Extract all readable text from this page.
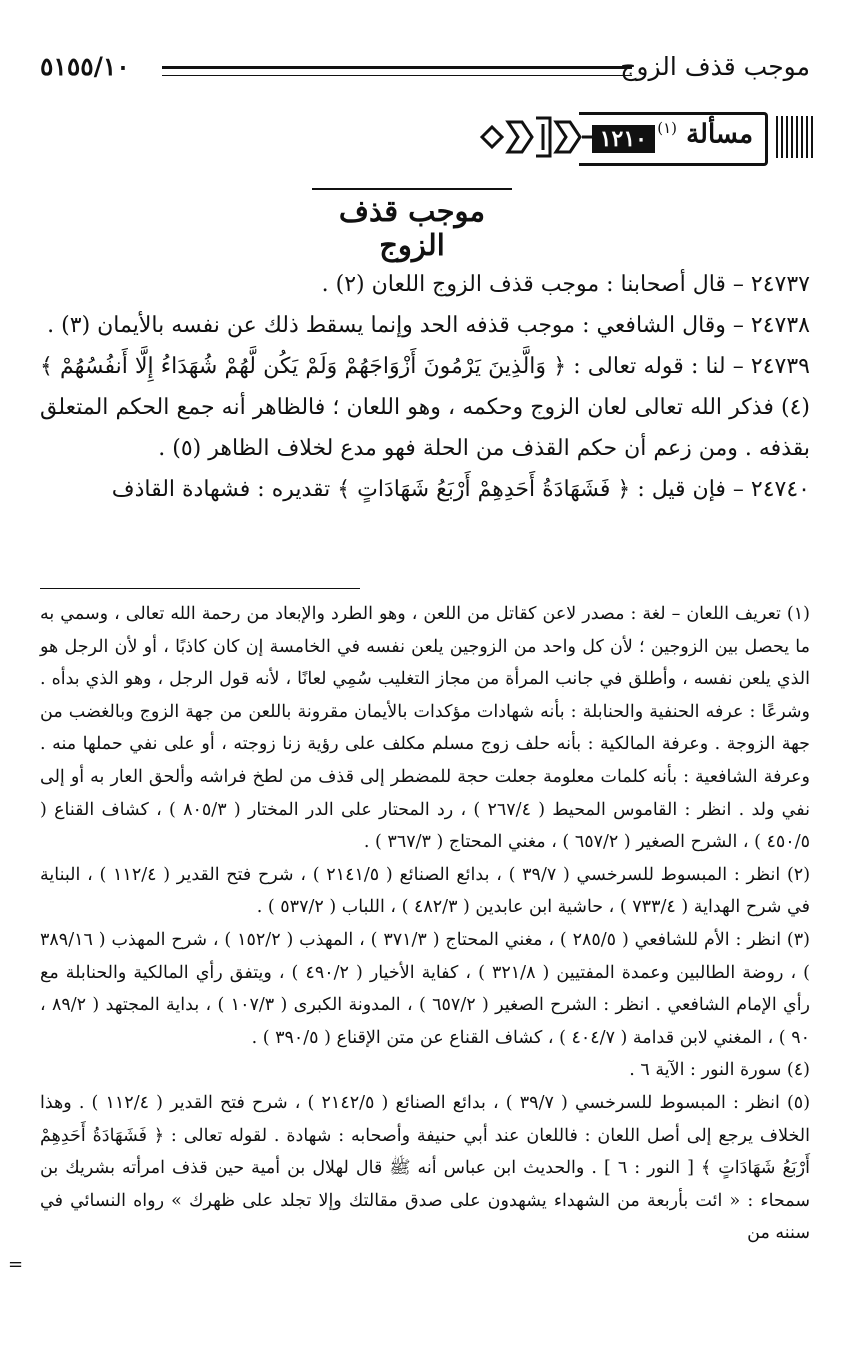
موجب قذف الزوج
٥١٥٥/١٠
مسألة $^{(١)}$
١٢١٠
موجب قذف الزوج

٢٤٧٣٧ – قال أصحابنا : موجب قذف الزوج اللعان (٢) .

٢٤٧٣٨ – وقال الشافعي : موجب قذفه الحد وإنما يسقط ذلك عن نفسه بالأيمان (٣) .

٢٤٧٣٩ – لنا : قوله تعالى : ﴿ وَالَّذِينَ يَرْمُونَ أَزْوَاجَهُمْ وَلَمْ يَكُن لَّهُمْ شُهَدَاءُ إِلَّا أَنفُسُهُمْ ﴾ (٤) فذكر الله تعالى لعان الزوج وحكمه ، وهو اللعان ؛ فالظاهر أنه جمع الحكم المتعلق بقذفه . ومن زعم أن حكم القذف من الحلة فهو مدع لخلاف الظاهر (٥) .

٢٤٧٤٠ – فإن قيل : ﴿ فَشَهَادَةُ أَحَدِهِمْ أَرْبَعُ شَهَادَاتٍ ﴾ تقديره : فشهادة القاذف

(١) تعريف اللعان – لغة : مصدر لاعن كقاتل من اللعن ، وهو الطرد والإبعاد من رحمة الله تعالى ، وسمي به ما يحصل بين الزوجين ؛ لأن كل واحد من الزوجين يلعن نفسه في الخامسة إن كان كاذبًا ، أو لأن الرجل هو الذي يلعن نفسه ، وأطلق في جانب المرأة من مجاز التغليب سُمِي لعانًا ، لأنه قول الرجل ، وهو الذي بدأه . وشرعًا : عرفه الحنفية والحنابلة : بأنه شهادات مؤكدات بالأيمان مقرونة باللعن من جهة الزوج وبالغضب من جهة الزوجة . وعرفة المالكية : بأنه حلف زوج مسلم مكلف على رؤية زنا زوجته ، أو على نفي حملها منه . وعرفة الشافعية : بأنه كلمات معلومة جعلت حجة للمضطر إلى قذف من لطخ فراشه وألحق العار به أو إلى نفي ولد . انظر : القاموس المحيط ( ٢٦٧/٤ ) ، رد المحتار على الدر المختار ( ٨٠٥/٣ ) ، كشاف القناع ( ٤٥٠/٥ ) ، الشرح الصغير ( ٦٥٧/٢ ) ، مغني المحتاج ( ٣٦٧/٣ ) .

(٢) انظر : المبسوط للسرخسي ( ٣٩/٧ ) ، بدائع الصنائع ( ٢١٤١/٥ ) ، شرح فتح القدير ( ١١٢/٤ ) ، البناية في شرح الهداية ( ٧٣٣/٤ ) ، حاشية ابن عابدين ( ٤٨٢/٣ ) ، اللباب ( ٥٣٧/٢ ) .

(٣) انظر : الأم للشافعي ( ٢٨٥/٥ ) ، مغني المحتاج ( ٣٧١/٣ ) ، المهذب ( ١٥٢/٢ ) ، شرح المهذب ( ٣٨٩/١٦ ) ، روضة الطالبين وعمدة المفتيين ( ٣٢١/٨ ) ، كفاية الأخيار ( ٤٩٠/٢ ) ، ويتفق رأي المالكية والحنابلة مع رأي الإمام الشافعي . انظر : الشرح الصغير ( ٦٥٧/٢ ) ، المدونة الكبرى ( ١٠٧/٣ ) ، بداية المجتهد ( ٨٩/٢ ، ٩٠ ) ، المغني لابن قدامة ( ٤٠٤/٧ ) ، كشاف القناع عن متن الإقناع ( ٣٩٠/٥ ) .

(٤) سورة النور : الآية ٦ .

(٥) انظر : المبسوط للسرخسي ( ٣٩/٧ ) ، بدائع الصنائع ( ٢١٤٢/٥ ) ، شرح فتح القدير ( ١١٢/٤ ) . وهذا الخلاف يرجع إلى أصل اللعان : فاللعان عند أبي حنيفة وأصحابه : شهادة . لقوله تعالى : ﴿ فَشَهَادَةُ أَحَدِهِمْ أَرْبَعُ شَهَادَاتٍ ﴾ [ النور : ٦ ] . والحديث ابن عباس أنه ﷺ قال لهلال بن أمية حين قذف امرأته بشريك بن سمحاء : « ائت بأربعة من الشهداء يشهدون على صدق مقالتك وإلا تجلد على ظهرك » رواه النسائي في سننه من

=
